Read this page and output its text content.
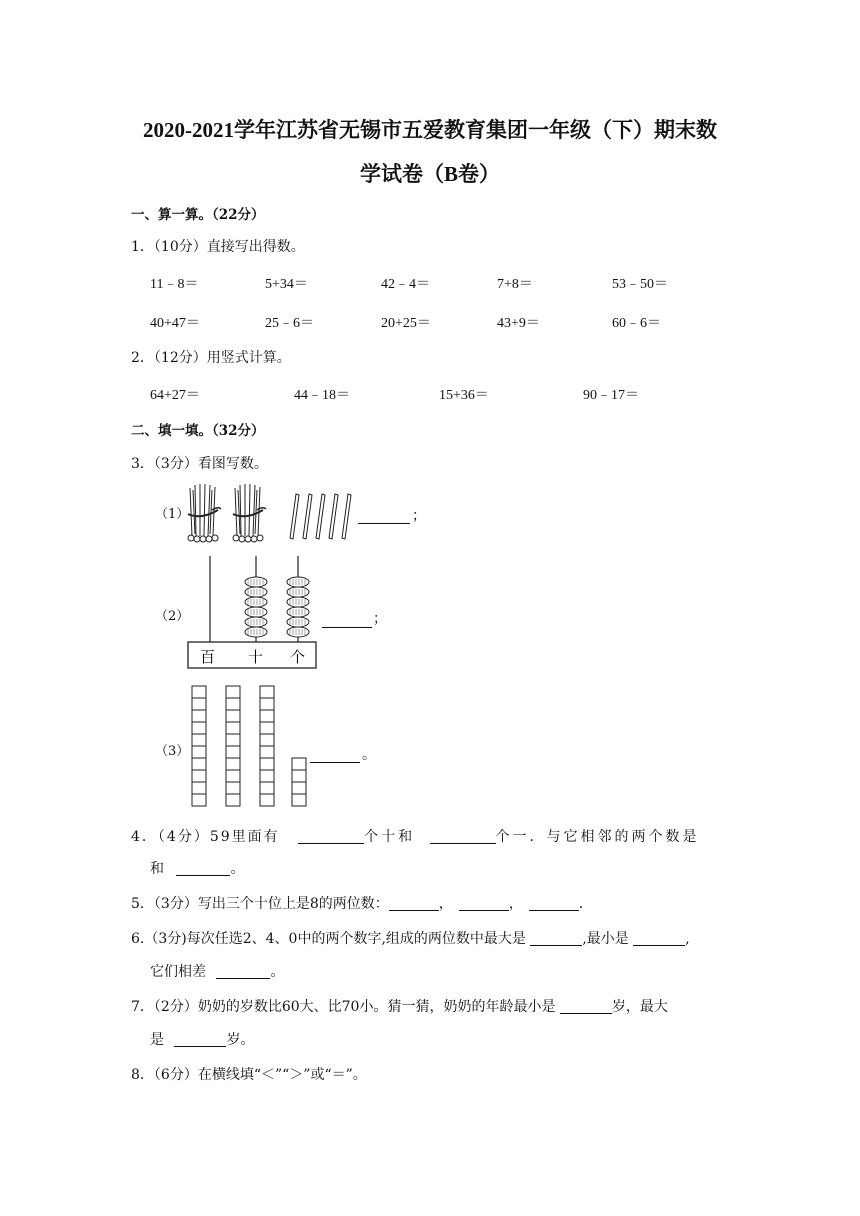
2020-2021学年江苏省无锡市五爱教育集团一年级（下）期末数
学试卷（B卷）
一、算一算。（22分）
1．（10分）直接写出得数。
11﹣8＝	5+34＝	42﹣4＝	7+8＝	53﹣50＝
40+47＝	25﹣6＝	20+25＝	43+9＝	60﹣6＝
2．（12分）用竖式计算。
64+27＝	44﹣18＝	15+36＝	90﹣17＝
二、填一填。（32分）
3．（3分）看图写数。
（1）	；
（2）
百 十 个
；
（3）	。
4．（4分）59里面有	个十和	个一．与它相邻的两个数是
和	。
5．（3分）写出三个十位上是8的两位数：	，	，	.
6.（3分)每次任选2、4、0中的两个数字,组成的两位数中最大是	,最小是	,
它们相差	。
7．（2分）奶奶的岁数比60大、比70小。猜一猜，奶奶的年龄最小是	岁，最大
是	岁。
8．（6分）在横线填“＜”“＞”或“＝”。
